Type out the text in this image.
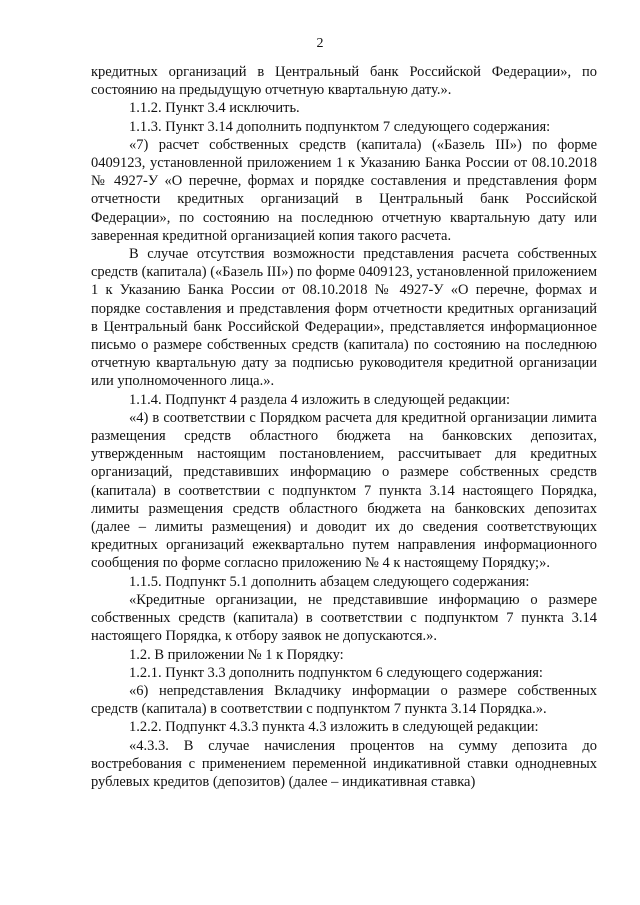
2

кредитных организаций в Центральный банк Российской Федерации», по состоянию на предыдущую отчетную квартальную дату.».

1.1.2. Пункт 3.4 исключить.

1.1.3. Пункт 3.14 дополнить подпунктом 7 следующего содержания:

«7) расчет собственных средств (капитала) («Базель III») по форме 0409123, установленной приложением 1 к Указанию Банка России от 08.10.2018 № 4927-У «О перечне, формах и порядке составления и представления форм отчетности кредитных организаций в Центральный банк Российской Федерации», по состоянию на последнюю отчетную квартальную дату или заверенная кредитной организацией копия такого расчета.

В случае отсутствия возможности представления расчета собственных средств (капитала) («Базель III») по форме 0409123, установленной приложением 1 к Указанию Банка России от 08.10.2018 № 4927-У «О перечне, формах и порядке составления и представления форм отчетности кредитных организаций в Центральный банк Российской Федерации», представляется информационное письмо о размере собственных средств (капитала) по состоянию на последнюю отчетную квартальную дату за подписью руководителя кредитной организации или уполномоченного лица.».

1.1.4. Подпункт 4 раздела 4 изложить в следующей редакции:

«4) в соответствии с Порядком расчета для кредитной организации лимита размещения средств областного бюджета на банковских депозитах, утвержденным настоящим постановлением, рассчитывает для кредитных организаций, представивших информацию о размере собственных средств (капитала) в соответствии с подпунктом 7 пункта 3.14 настоящего Порядка, лимиты размещения средств областного бюджета на банковских депозитах (далее – лимиты размещения) и доводит их до сведения соответствующих кредитных организаций ежеквартально путем направления информационного сообщения по форме согласно приложению № 4 к настоящему Порядку;».

1.1.5. Подпункт 5.1 дополнить абзацем следующего содержания:

«Кредитные организации, не представившие информацию о размере собственных средств (капитала) в соответствии с подпунктом 7 пункта 3.14 настоящего Порядка, к отбору заявок не допускаются.».

1.2. В приложении № 1 к Порядку:

1.2.1. Пункт 3.3 дополнить подпунктом 6 следующего содержания:

«6) непредставления Вкладчику информации о размере собственных средств (капитала) в соответствии с подпунктом 7 пункта 3.14 Порядка.».

1.2.2. Подпункт 4.3.3 пункта 4.3 изложить в следующей редакции:

«4.3.3. В случае начисления процентов на сумму депозита до востребования с применением переменной индикативной ставки однодневных рублевых кредитов (депозитов) (далее – индикативная ставка)
